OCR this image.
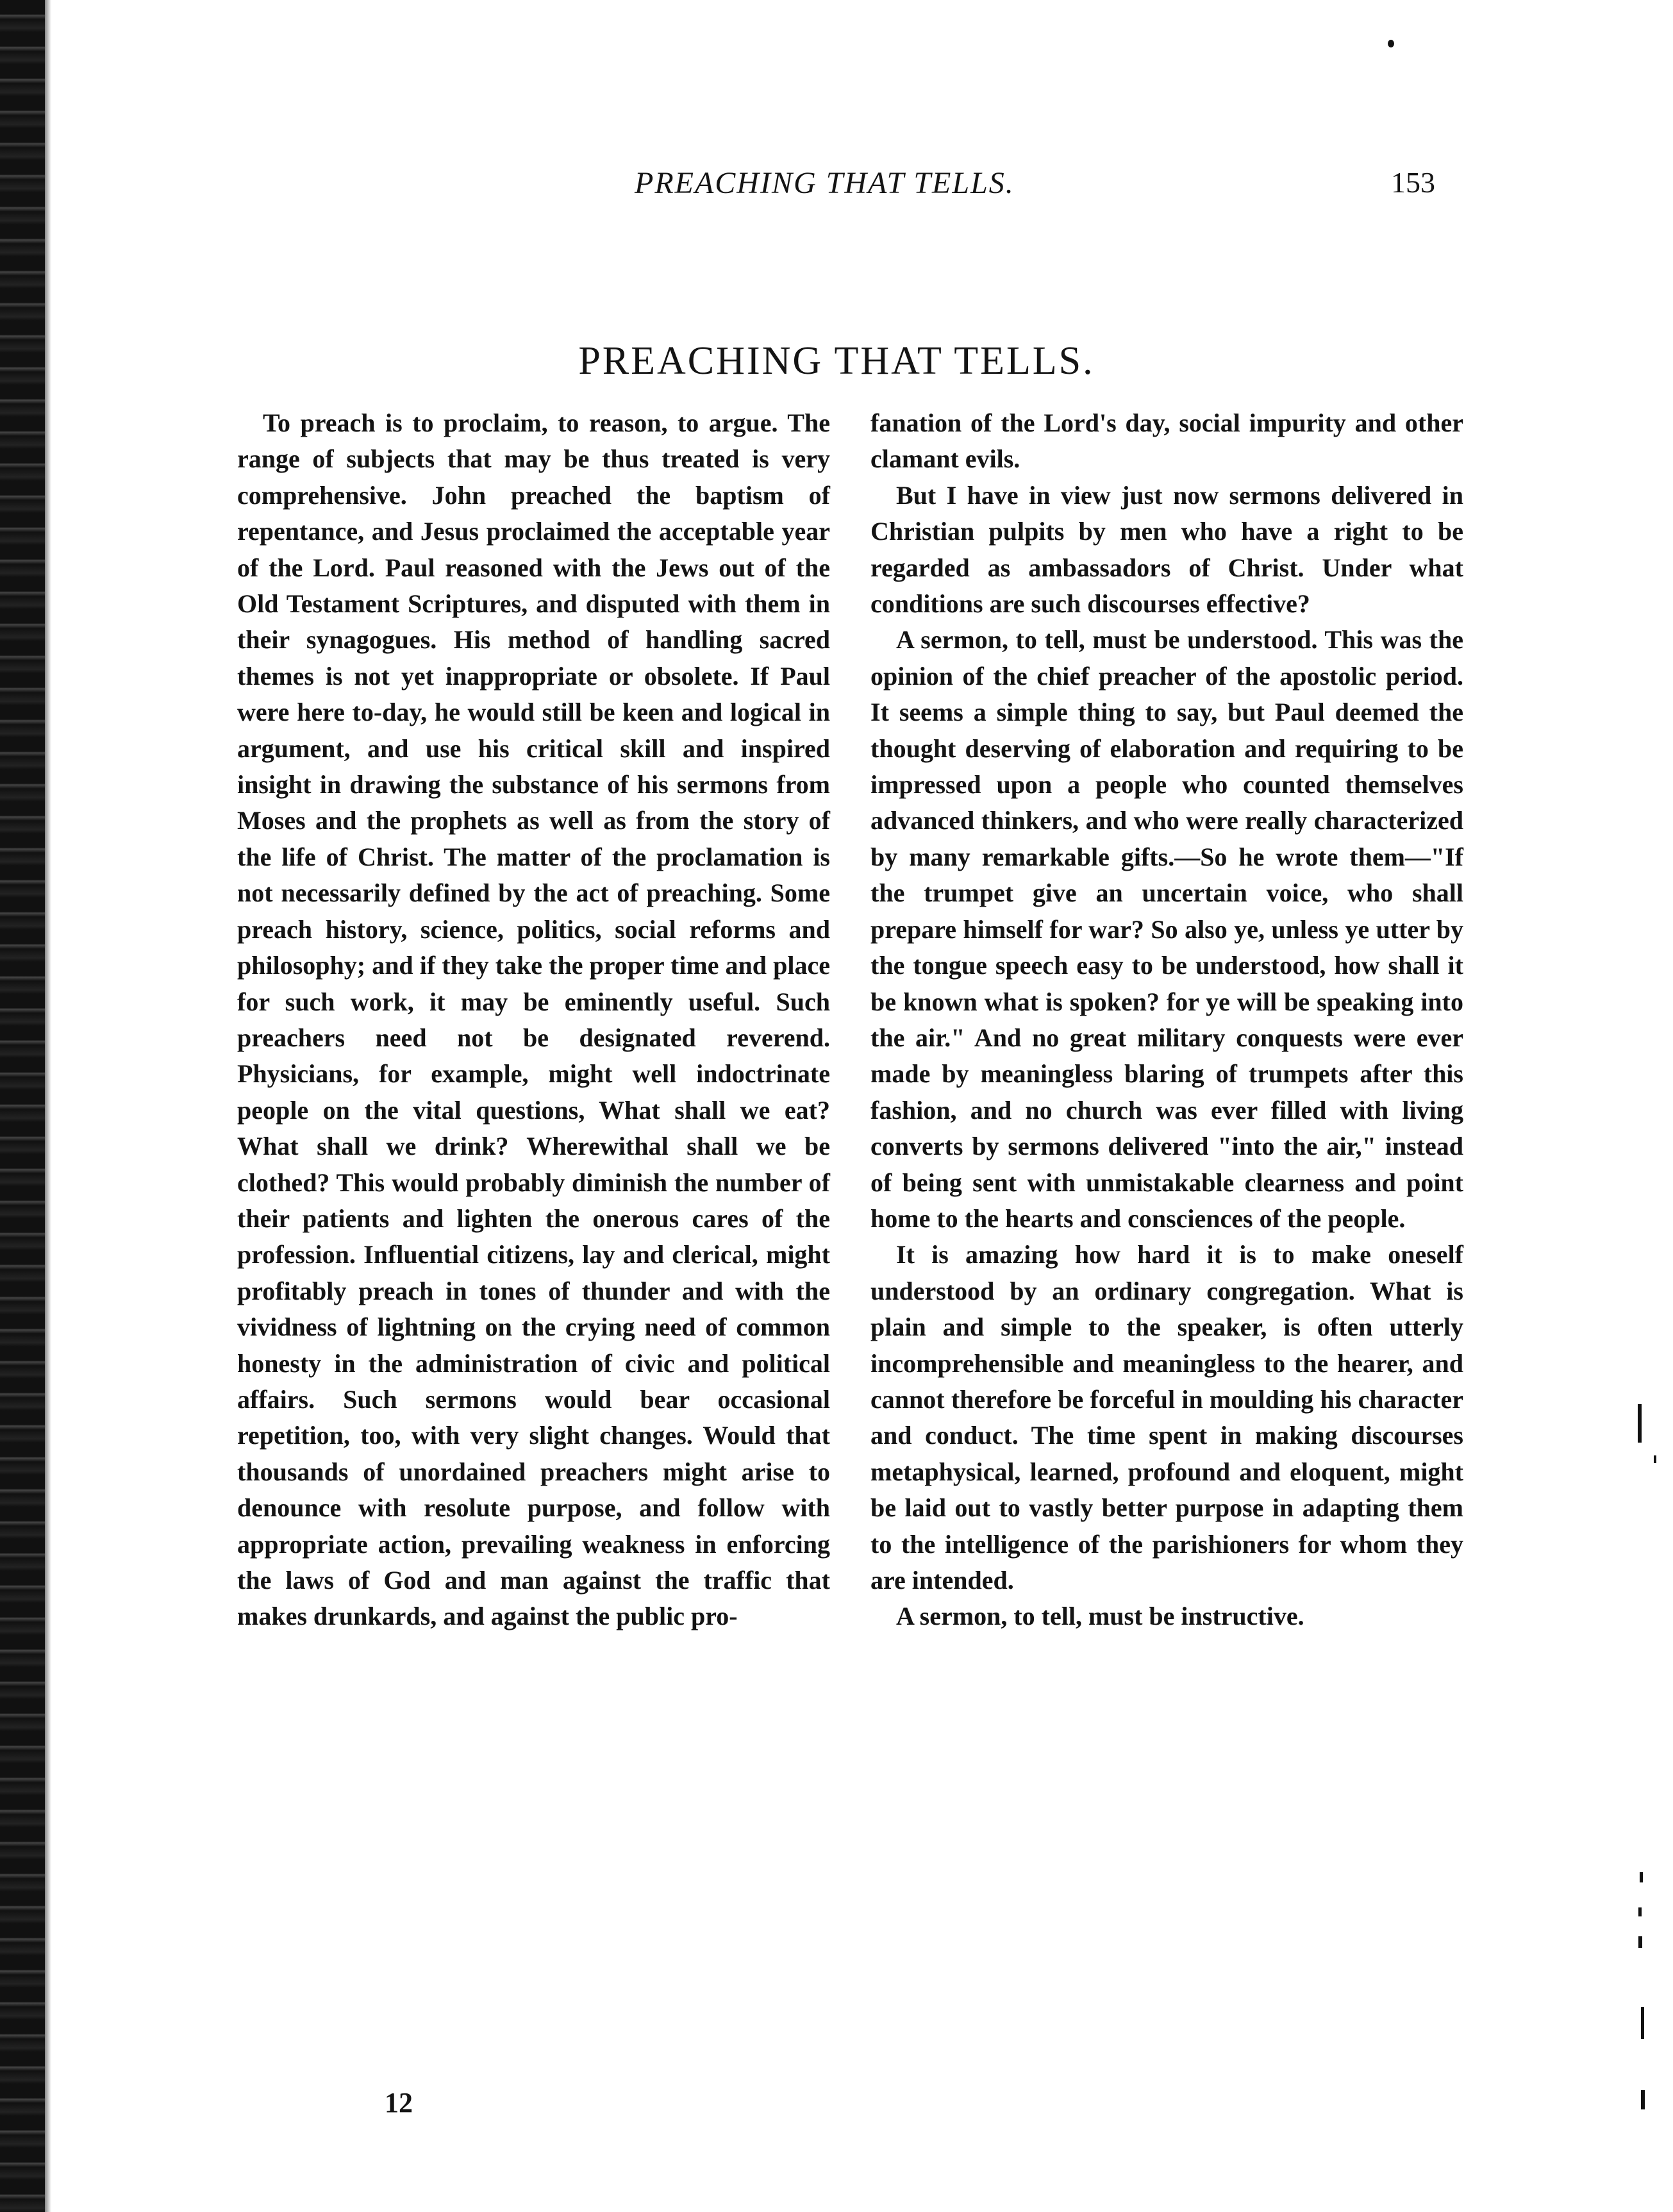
PREACHING THAT TELLS.	153
PREACHING THAT TELLS.

To preach is to proclaim, to reason, to argue. The range of subjects that may be thus treated is very comprehensive. John preached the baptism of repentance, and Jesus proclaimed the acceptable year of the Lord. Paul reasoned with the Jews out of the Old Testament Scriptures, and disputed with them in their synagogues. His method of handling sacred themes is not yet inappropriate or obsolete. If Paul were here to-day, he would still be keen and logical in argument, and use his critical skill and inspired insight in drawing the substance of his sermons from Moses and the prophets as well as from the story of the life of Christ. The matter of the proclamation is not necessarily defined by the act of preaching. Some preach history, science, politics, social reforms and philosophy; and if they take the proper time and place for such work, it may be eminently useful. Such preachers need not be designated reverend. Physicians, for example, might well indoctrinate people on the vital questions, What shall we eat? What shall we drink? Wherewithal shall we be clothed? This would probably diminish the number of their patients and lighten the onerous cares of the profession. Influential citizens, lay and clerical, might profitably preach in tones of thunder and with the vividness of lightning on the crying need of common honesty in the administration of civic and political affairs. Such sermons would bear occasional repetition, too, with very slight changes. Would that thousands of unordained preachers might arise to denounce with resolute purpose, and follow with appropriate action, prevailing weakness in enforcing the laws of God and man against the traffic that makes drunkards, and against the public pro-

fanation of the Lord's day, social impurity and other clamant evils.

But I have in view just now sermons delivered in Christian pulpits by men who have a right to be regarded as ambassadors of Christ. Under what conditions are such discourses effective?

A sermon, to tell, must be understood. This was the opinion of the chief preacher of the apostolic period. It seems a simple thing to say, but Paul deemed the thought deserving of elaboration and requiring to be impressed upon a people who counted themselves advanced thinkers, and who were really characterized by many remarkable gifts.—So he wrote them—"If the trumpet give an uncertain voice, who shall prepare himself for war? So also ye, unless ye utter by the tongue speech easy to be understood, how shall it be known what is spoken? for ye will be speaking into the air." And no great military conquests were ever made by meaningless blaring of trumpets after this fashion, and no church was ever filled with living converts by sermons delivered "into the air," instead of being sent with unmistakable clearness and point home to the hearts and consciences of the people.

It is amazing how hard it is to make oneself understood by an ordinary congregation. What is plain and simple to the speaker, is often utterly incomprehensible and meaningless to the hearer, and cannot therefore be forceful in moulding his character and conduct. The time spent in making discourses metaphysical, learned, profound and eloquent, might be laid out to vastly better purpose in adapting them to the intelligence of the parishioners for whom they are intended.

A sermon, to tell, must be instructive.

12
